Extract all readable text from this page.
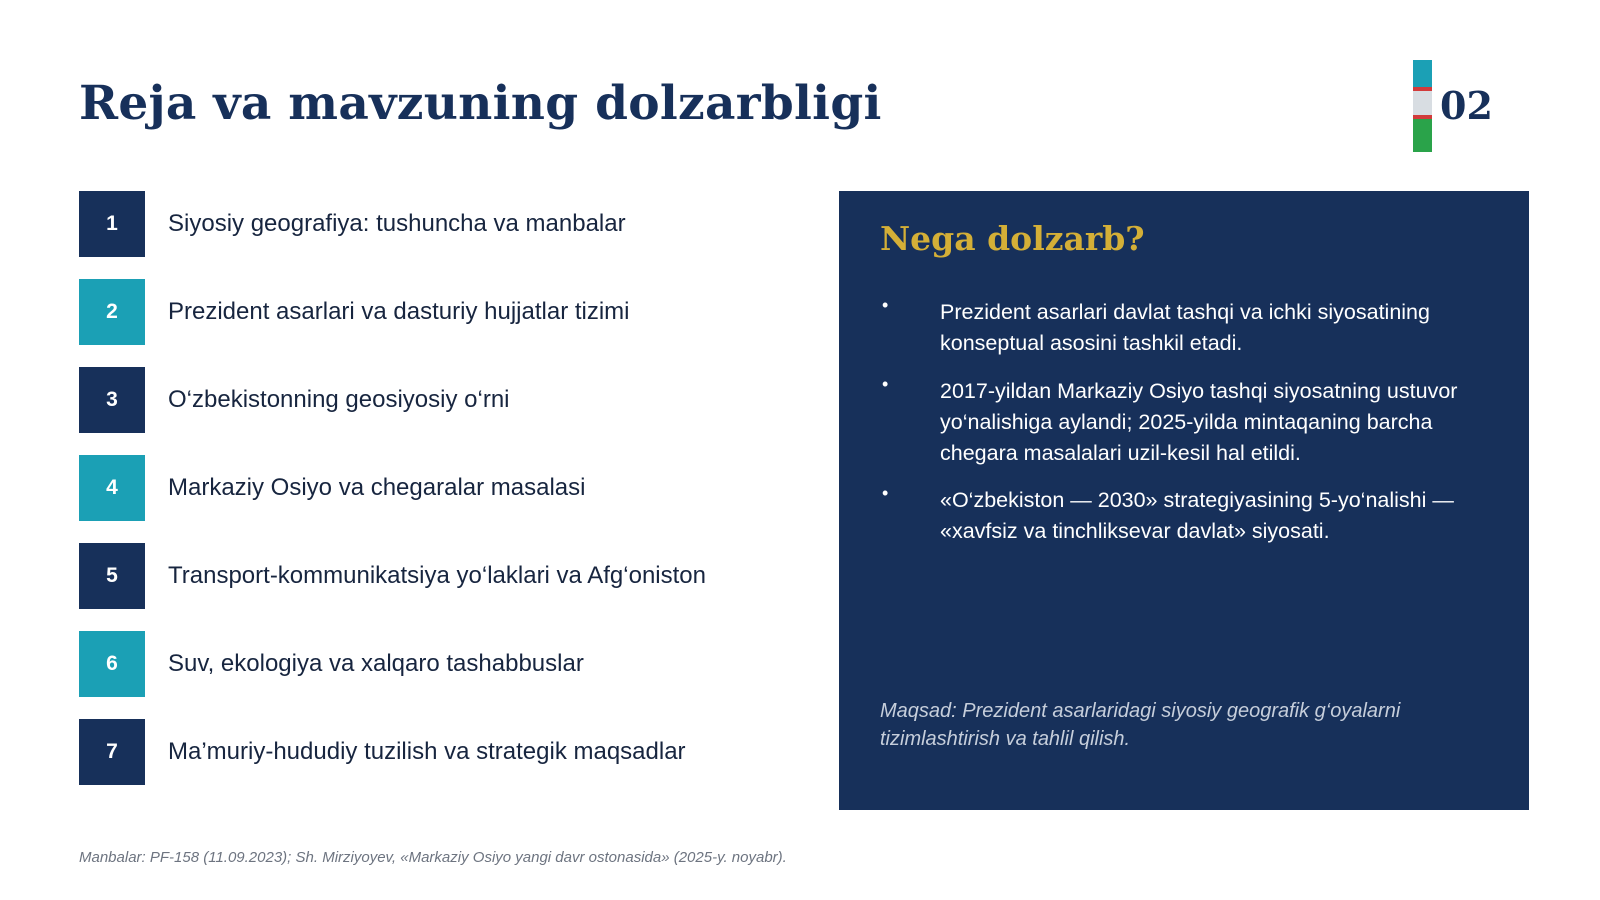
Reja va mavzuning dolzarbligi	02
1	Siyosiy geografiya: tushuncha va manbalar
2	Prezident asarlari va dasturiy hujjatlar tizimi
3	O‘zbekistonning geosiyosiy o‘rni
4	Markaziy Osiyo va chegaralar masalasi
5	Transport-kommunikatsiya yo‘laklari va Afg‘oniston
6	Suv, ekologiya va xalqaro tashabbuslar
7	Ma’muriy-hududiy tuzilish va strategik maqsadlar
Nega dolzarb?
•	Prezident asarlari davlat tashqi va ichki siyosatining konseptual asosini tashkil etadi.
•	2017-yildan Markaziy Osiyo tashqi siyosatning ustuvor yo‘nalishiga aylandi; 2025-yilda mintaqaning barcha chegara masalalari uzil-kesil hal etildi.
•	«O‘zbekiston — 2030» strategiyasining 5-yo‘nalishi — «xavfsiz va tinchliksevar davlat» siyosati.

Maqsad: Prezident asarlaridagi siyosiy geografik g‘oyalarni tizimlashtirish va tahlil qilish.

Manbalar: PF-158 (11.09.2023); Sh. Mirziyoyev, «Markaziy Osiyo yangi davr ostonasida» (2025-y. noyabr).
